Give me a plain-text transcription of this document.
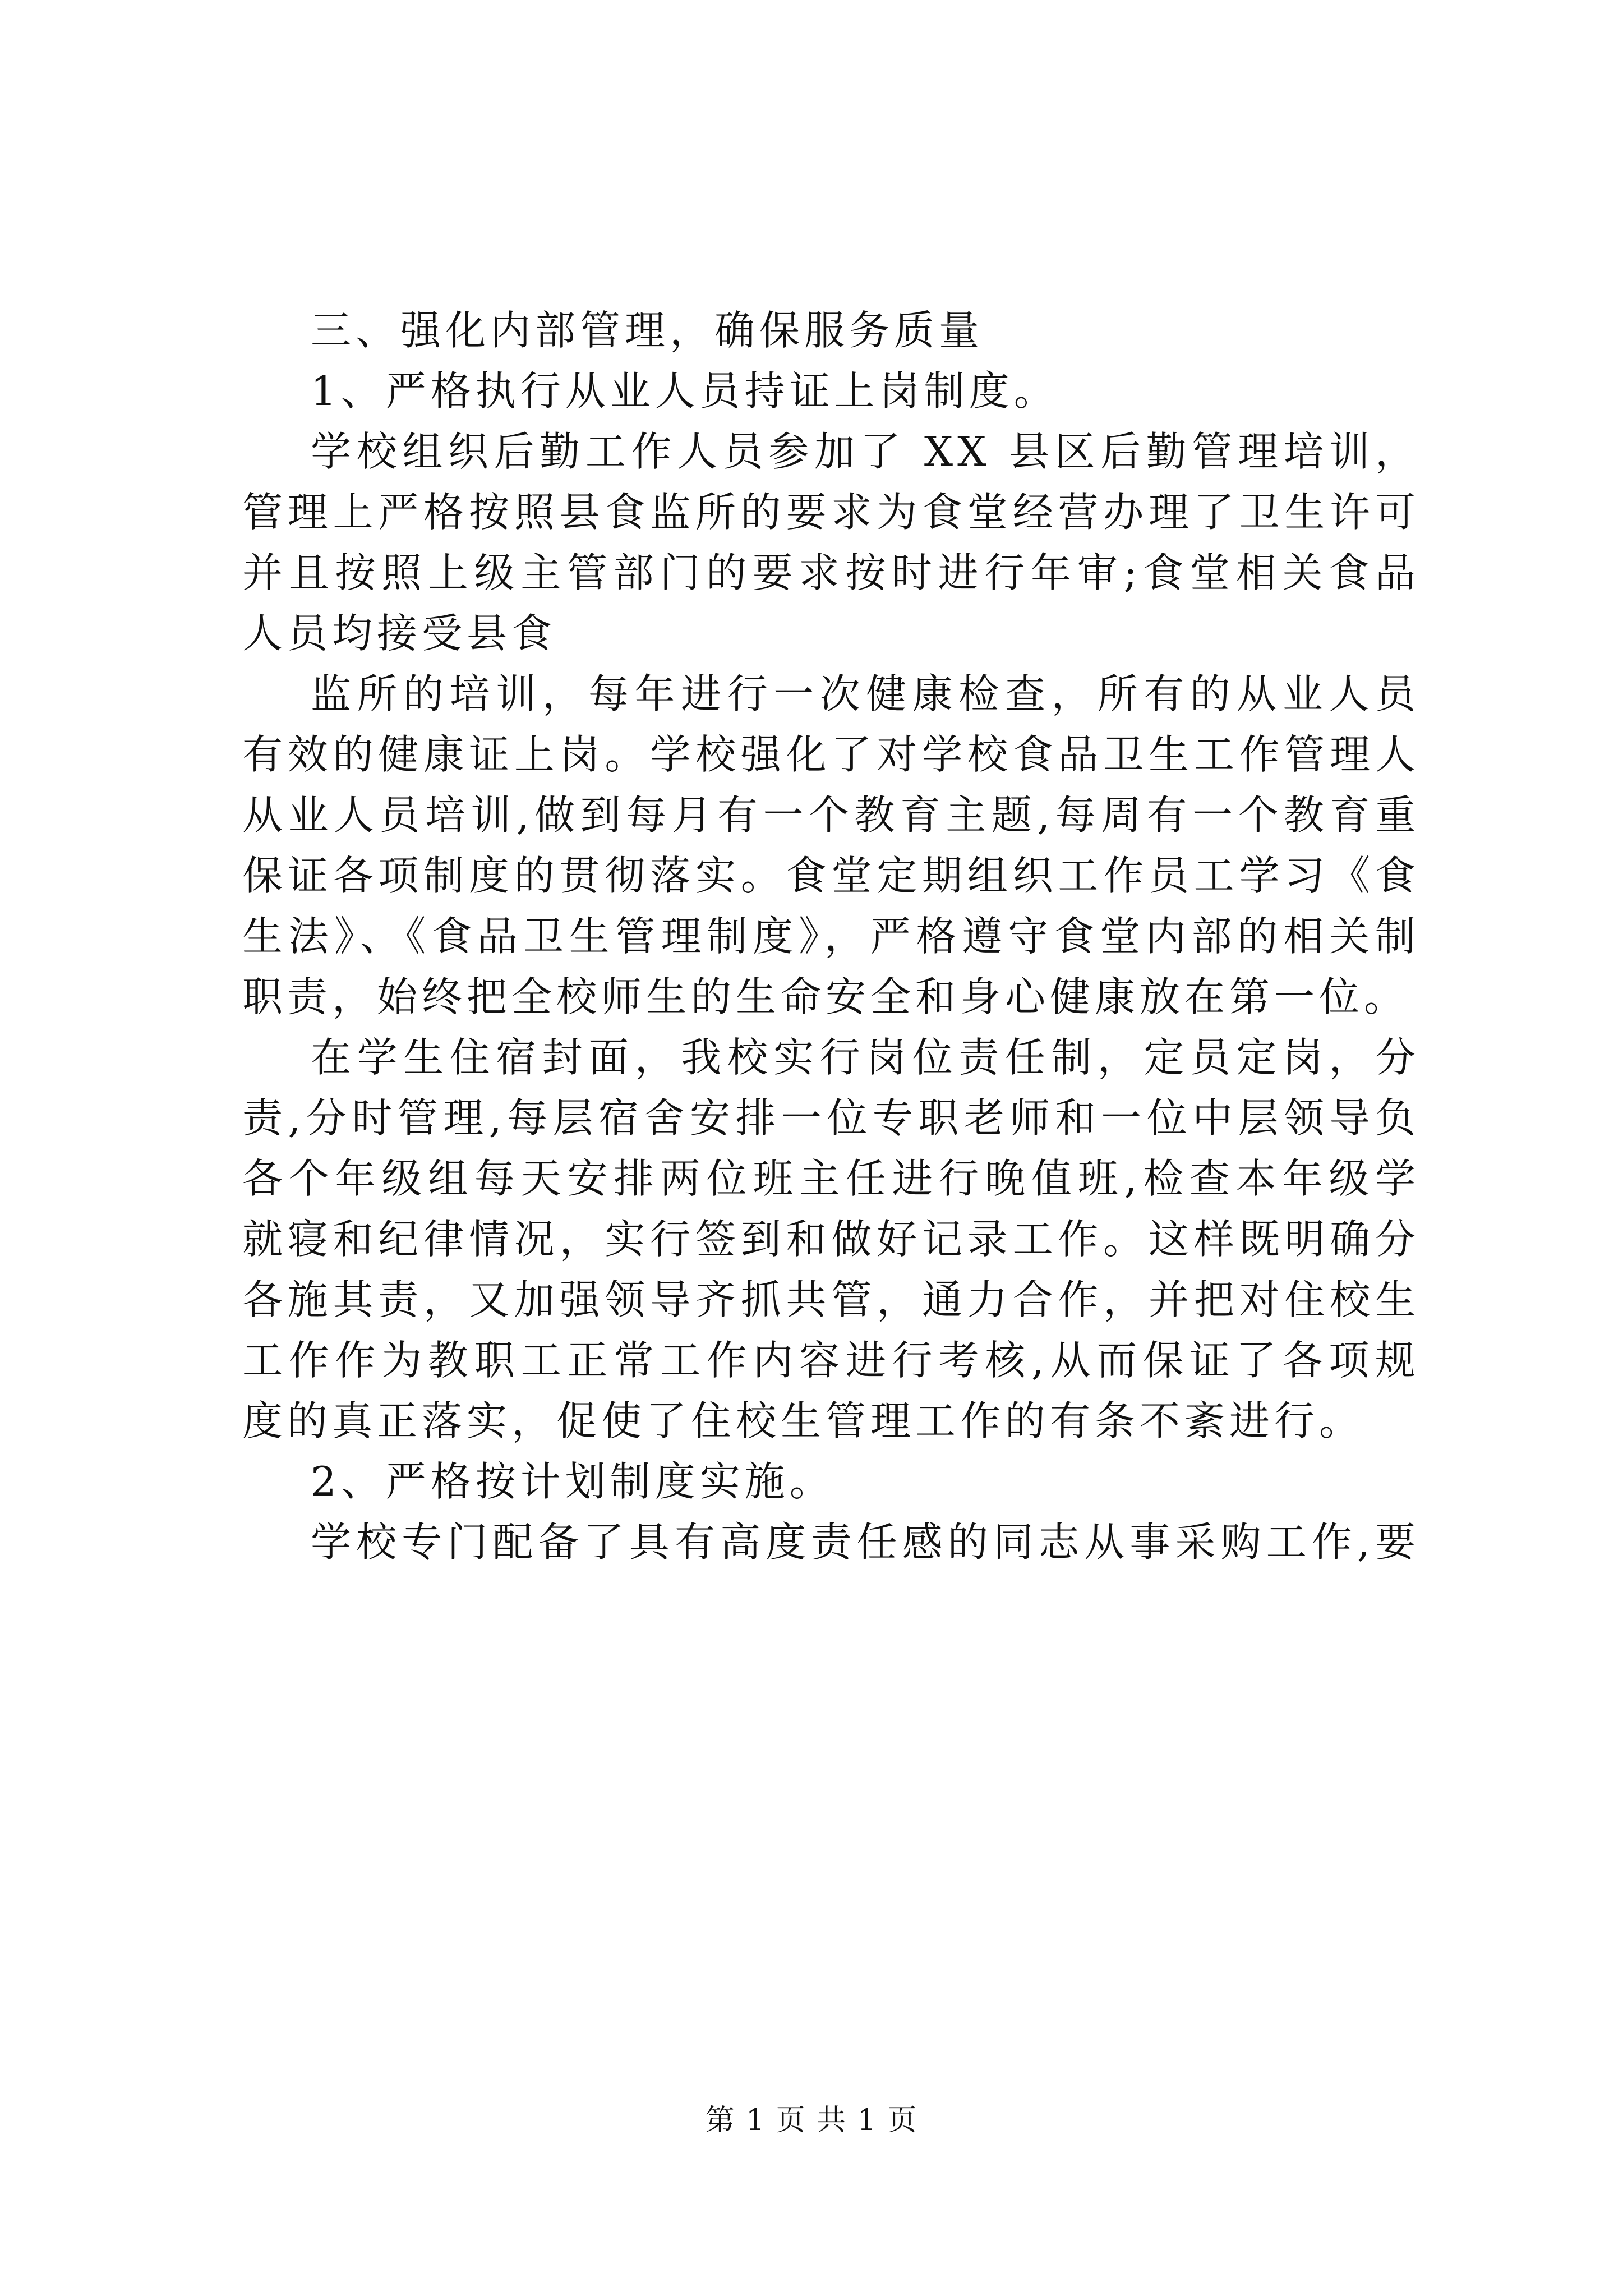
三、强化内部管理，确保服务质量
1、严格执行从业人员持证上岗制度。
学校组织后勤工作人员参加了 XX 县区后勤管理培训，
管理上严格按照县食监所的要求为食堂经营办理了卫生许可
并且按照上级主管部门的要求按时进行年审;食堂相关食品
人员均接受县食
监所的培训，每年进行一次健康检查，所有的从业人员
有效的健康证上岗。学校强化了对学校食品卫生工作管理人
从业人员培训,做到每月有一个教育主题,每周有一个教育重
保证各项制度的贯彻落实。食堂定期组织工作员工学习《食
生法》、《食品卫生管理制度》，严格遵守食堂内部的相关制
职责，始终把全校师生的生命安全和身心健康放在第一位。
在学生住宿封面，我校实行岗位责任制，定员定岗，分
责,分时管理,每层宿舍安排一位专职老师和一位中层领导负
各个年级组每天安排两位班主任进行晚值班,检查本年级学
就寝和纪律情况，实行签到和做好记录工作。这样既明确分
各施其责，又加强领导齐抓共管，通力合作，并把对住校生
工作作为教职工正常工作内容进行考核,从而保证了各项规
度的真正落实，促使了住校生管理工作的有条不紊进行。
2、严格按计划制度实施。
学校专门配备了具有高度责任感的同志从事采购工作,要
第 1 页 共 1 页
